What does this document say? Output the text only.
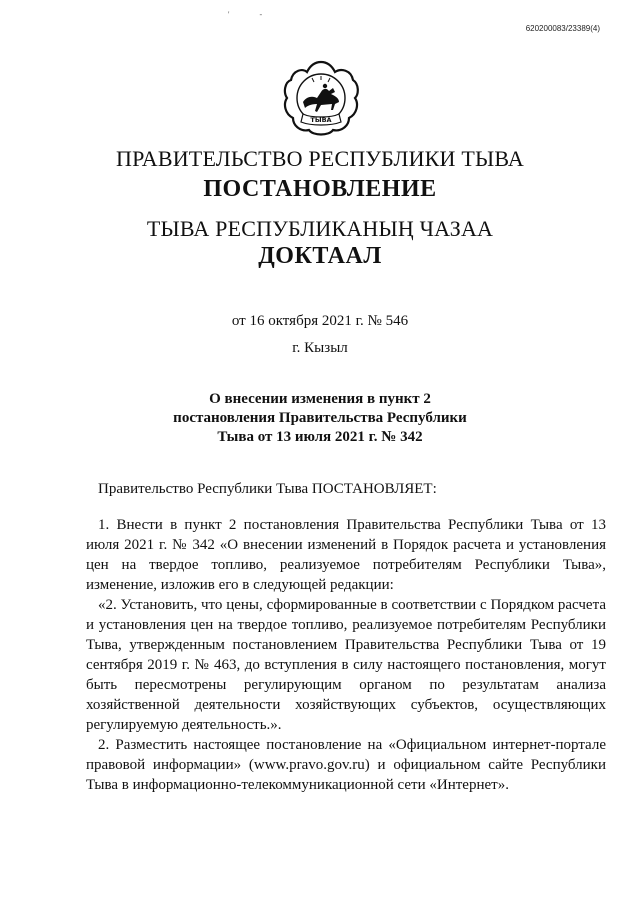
' -
620200083/23389(4)
ТЫВА
ПРАВИТЕЛЬСТВО РЕСПУБЛИКИ ТЫВА
ПОСТАНОВЛЕНИЕ
ТЫВА РЕСПУБЛИКАНЫҢ ЧАЗАА
ДОКТААЛ
от 16 октября 2021 г. № 546
г. Кызыл
О внесении изменения в пункт 2
постановления Правительства Республики
Тыва от 13 июля 2021 г. № 342
Правительство Республики Тыва ПОСТАНОВЛЯЕТ:

1. Внести в пункт 2 постановления Правительства Республики Тыва от 13 июля 2021 г. № 342 «О внесении изменений в Порядок расчета и установления цен на твердое топливо, реализуемое потребителям Республики Тыва», изменение, изложив его в следующей редакции:

«2. Установить, что цены, сформированные в соответствии с Порядком расчета и установления цен на твердое топливо, реализуемое потребителям Республики Тыва, утвержденным постановлением Правительства Республики Тыва от 19 сентября 2019 г. № 463, до вступления в силу настоящего постановления, могут быть пересмотрены регулирующим органом по результатам анализа хозяйственной деятельности хозяйствующих субъектов, осуществляющих регулируемую деятельность.».

2. Разместить настоящее постановление на «Официальном интернет-портале правовой информации» (www.pravo.gov.ru) и официальном сайте Республики Тыва в информационно-телекоммуникационной сети «Интернет».
